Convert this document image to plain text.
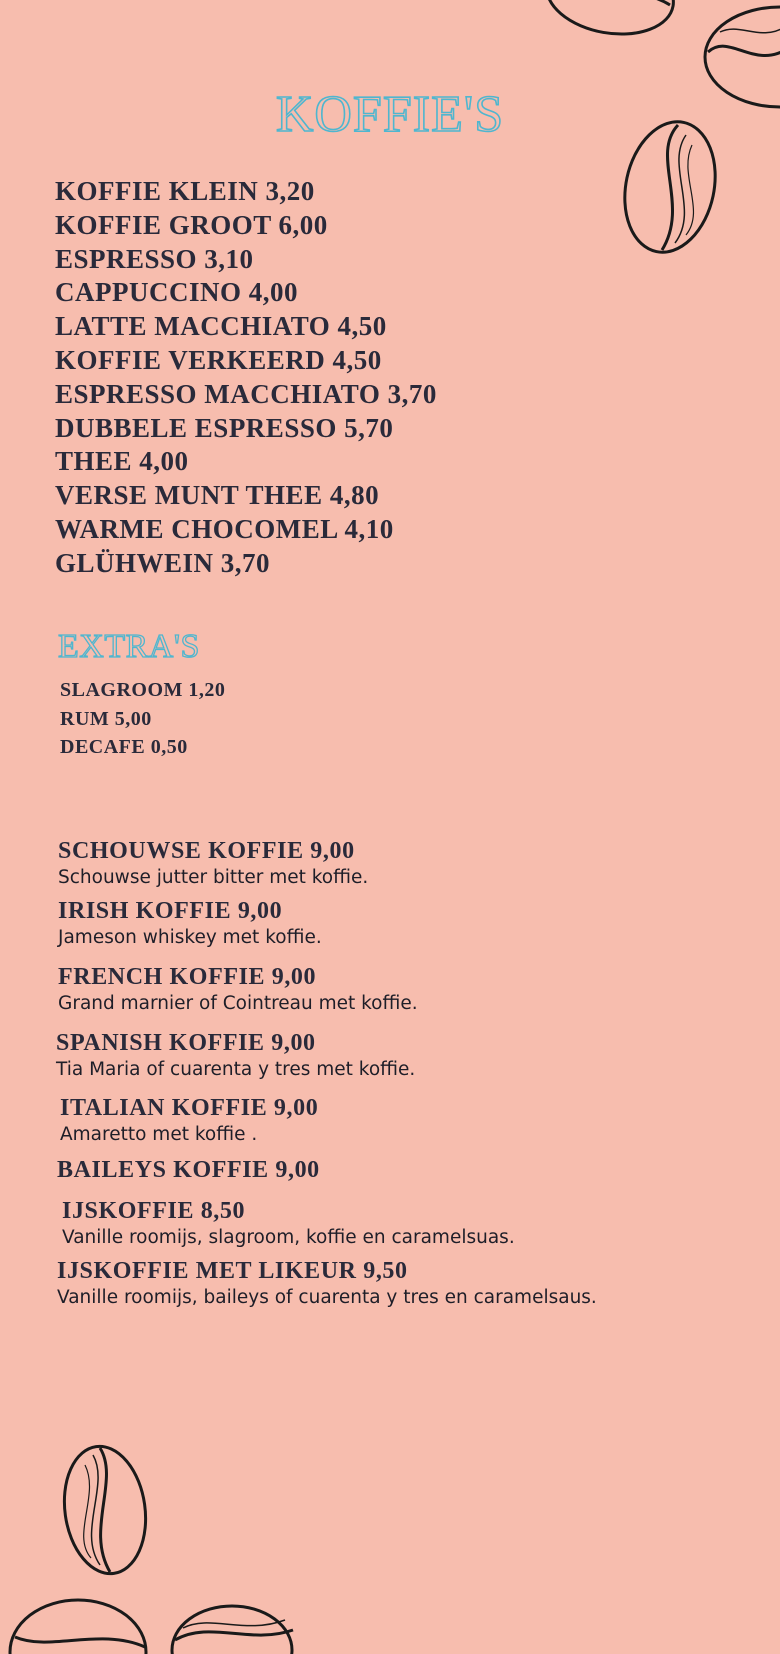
KOFFIE'S
KOFFIE KLEIN 3,20
KOFFIE GROOT 6,00
ESPRESSO 3,10
CAPPUCCINO 4,00
LATTE MACCHIATO 4,50
KOFFIE VERKEERD 4,50
ESPRESSO MACCHIATO 3,70
DUBBELE ESPRESSO 5,70
THEE 4,00
VERSE MUNT THEE 4,80
WARME CHOCOMEL 4,10
GLÜHWEIN 3,70
EXTRA'S
SLAGROOM 1,20
RUM 5,00
DECAFE 0,50
SCHOUWSE KOFFIE 9,00
Schouwse jutter bitter met koffie.
IRISH KOFFIE 9,00
Jameson whiskey met koffie.
FRENCH KOFFIE 9,00
Grand marnier of Cointreau met koffie.
SPANISH KOFFIE 9,00
Tia Maria of cuarenta y tres met koffie.
ITALIAN KOFFIE 9,00
Amaretto met koffie .
BAILEYS KOFFIE 9,00
IJSKOFFIE 8,50
Vanille roomijs, slagroom, koffie en caramelsuas.
IJSKOFFIE MET LIKEUR 9,50
Vanille roomijs, baileys of cuarenta y tres en caramelsaus.
